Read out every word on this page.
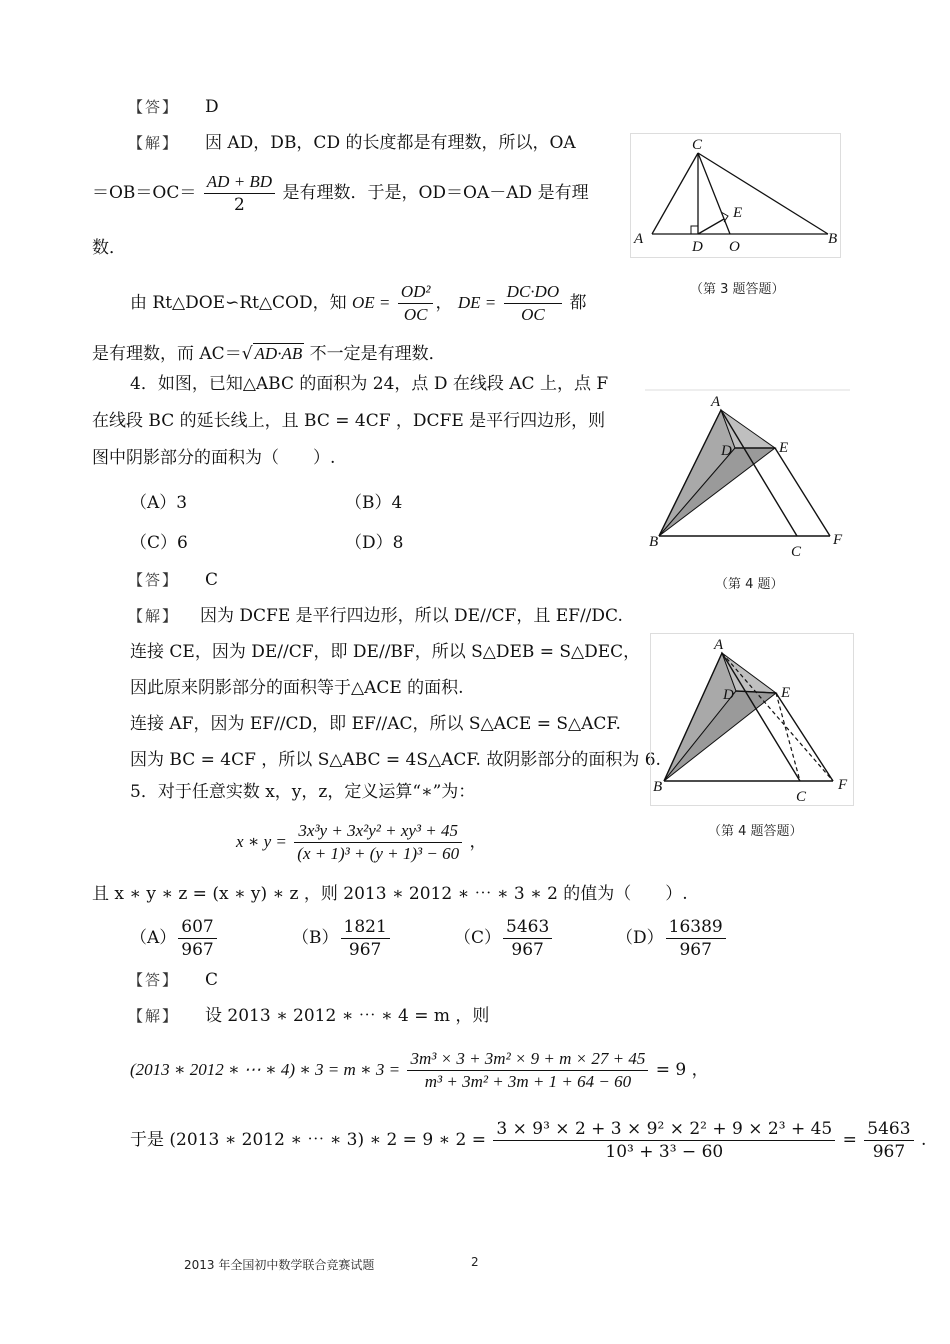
【答】 D
【解】 因 AD，DB，CD 的长度都是有理数，所以，OA
$=OB=OC= \frac{AD + BD}{2}$ 是有理数．于是，OD＝OA－AD 是有理
数．
由 Rt△DOE∽Rt△COD，知 OE = $\frac{\text{OD²}}{OC}$ ， DE = $\frac{DC\cdot DO}{OC}$ 都
是有理数，而 AC＝√ AD·AB 不一定是有理数．
C
A	D O
E
B
（第 3 题答题）
4．如图，已知△ABC 的面积为 24，点 D 在线段 AC 上，点 F
在线段 BC 的延长线上，且 BC = 4CF ，DCFE 是平行四边形，则
图中阴影部分的面积为（　　）.
（A）3	（B）4
（C）6	（D）8
【答】 C
【解】 因为 DCFE 是平行四边形，所以 DE//CF，且 EF//DC.
连接 CE，因为 DE//CF，即 DE//BF，所以 S△DEB = S△DEC，
因此原来阴影部分的面积等于△ACE 的面积.
连接 AF，因为 EF//CD，即 EF//AC，所以 S△ACE = S△ACF.
因为 BC = 4CF ，所以 S△ABC = 4S△ACF. 故阴影部分的面积为 6.
A
D	E
B
C
F
（第 4 题）
A
D	E
B
C
F
（第 4 题答题）
5．对于任意实数 x，y，z，定义运算“∗”为：
x ∗ $y = \frac{\text{3x³y + 3x²y² + xy³ + 45}}{\text{(x + 1)³ + (y + 1)³ − 60}}$ ，
且 x ∗ y ∗ z = (x ∗ y) ∗ z ，则 2013 ∗ 2012 ∗ ⋯ ∗ 3 ∗ 2 的值为（　　）.
$(A) \frac{607}{967}$	$(B) \frac{1821}{967}$	$(C) \frac{5463}{967}$	$(D) \frac{16389}{967}$
【答】 C
【解】 设 2013 ∗ 2012 ∗ ⋯ ∗ 4 = m ，则
(2013 ∗ 2012 ∗ ⋯ ∗ 4) ∗ 3 = m ∗ $3 = \frac{\text{3m³ × 3 + 3m² × 9 + m × 27 + 45}}{\text{m³ + 3m² + 3m + 1 + 64 − 60}} = 9$ ，
于是 (2013 ∗ 2012 ∗ ⋯ ∗ 3) ∗ 2 = 9 ∗ $2 = \frac{\text{3 × 9³ × 2 + 3 × 9² × 2² + 9 × 2³ + 45}}{\text{10³ + 3³ − 60}} = \frac{5463}{967}$ .
2013 年全国初中数学联合竞赛试题	2
